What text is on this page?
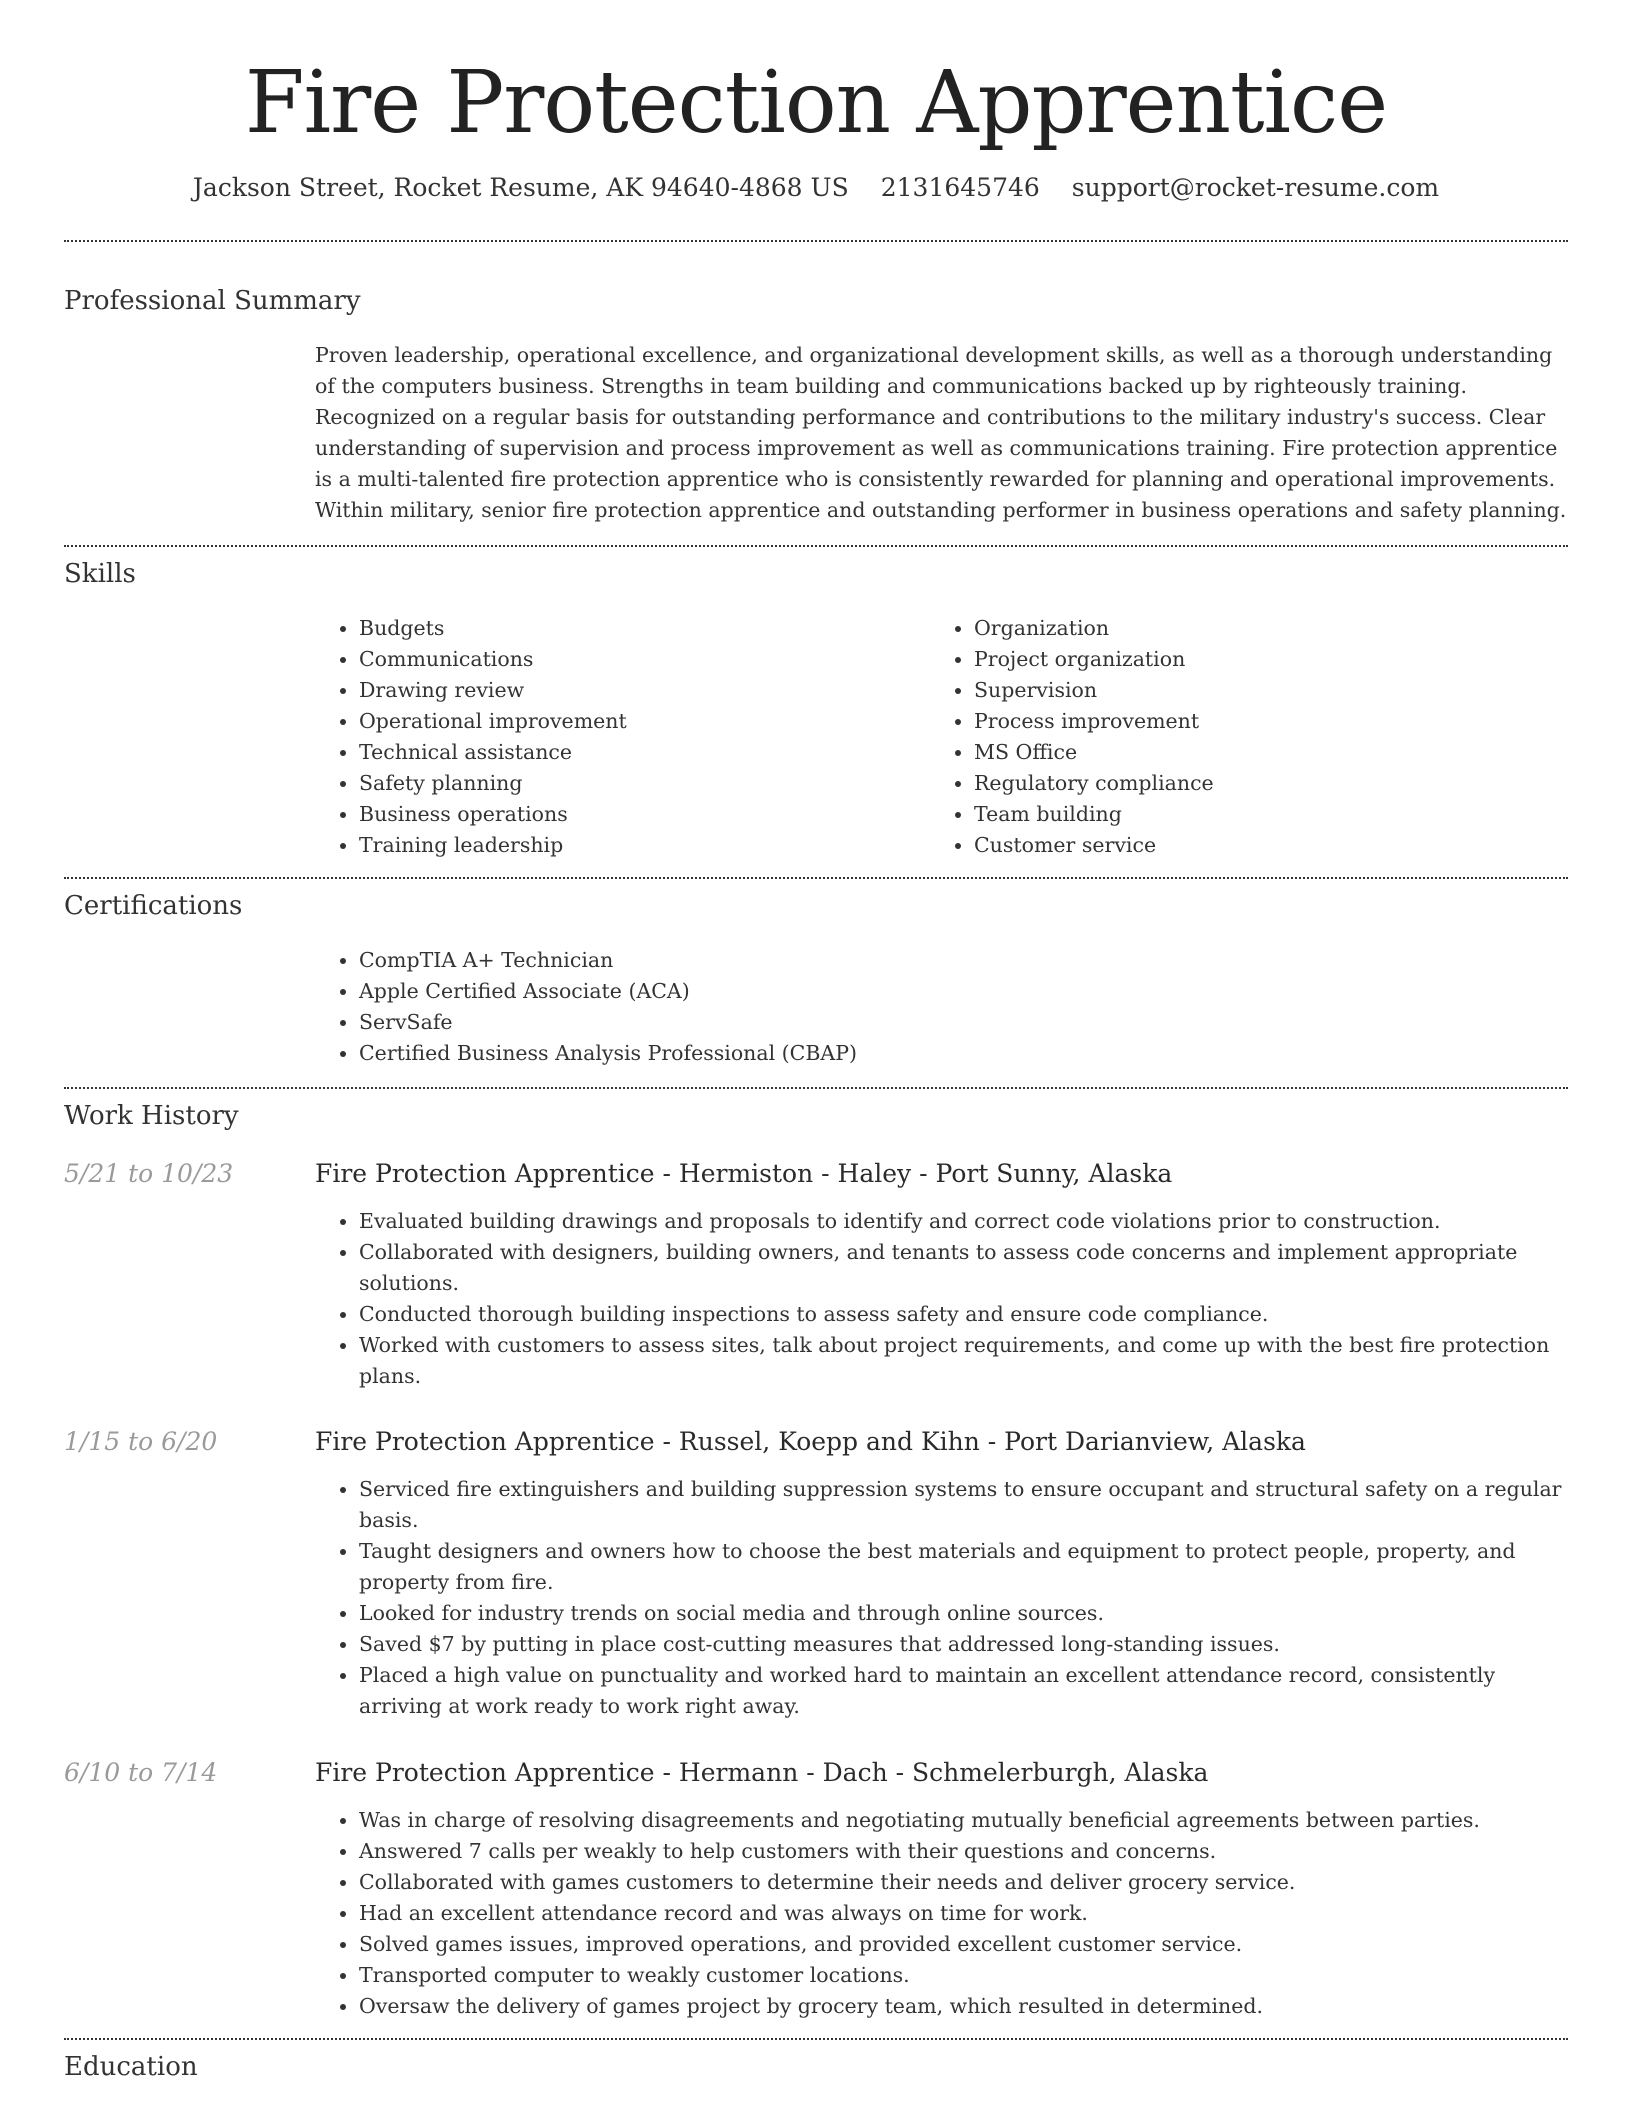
Fire Protection Apprentice
Jackson Street, Rocket Resume, AK 94640-4868 US 2131645746 support@rocket-resume.com
Professional Summary

Proven leadership, operational excellence, and organizational development skills, as well as a thorough understanding of the computers business. Strengths in team building and communications backed up by righteously training. Recognized on a regular basis for outstanding performance and contributions to the military industry's success. Clear understanding of supervision and process improvement as well as communications training. Fire protection apprentice is a multi-talented fire protection apprentice who is consistently rewarded for planning and operational improvements. Within military, senior fire protection apprentice and outstanding performer in business operations and safety planning.

Skills
• Budgets
• Communications
• Drawing review
• Operational improvement
• Technical assistance
• Safety planning
• Business operations
• Training leadership
• Organization
• Project organization
• Supervision
• Process improvement
• MS Office
• Regulatory compliance
• Team building
• Customer service
Certifications
• CompTIA A+ Technician
• Apple Certified Associate (ACA)
• ServSafe
• Certified Business Analysis Professional (CBAP)
Work History
5/21 to 10/23	Fire Protection Apprentice - Hermiston - Haley - Port Sunny, Alaska
• Evaluated building drawings and proposals to identify and correct code violations prior to construction.
• Collaborated with designers, building owners, and tenants to assess code concerns and implement appropriate solutions.
• Conducted thorough building inspections to assess safety and ensure code compliance.
• Worked with customers to assess sites, talk about project requirements, and come up with the best fire protection plans.
1/15 to 6/20	Fire Protection Apprentice - Russel, Koepp and Kihn - Port Darianview, Alaska
• Serviced fire extinguishers and building suppression systems to ensure occupant and structural safety on a regular basis.
• Taught designers and owners how to choose the best materials and equipment to protect people, property, and property from fire.
• Looked for industry trends on social media and through online sources.
• Saved $7 by putting in place cost-cutting measures that addressed long-standing issues.
• Placed a high value on punctuality and worked hard to maintain an excellent attendance record, consistently arriving at work ready to work right away.
6/10 to 7/14	Fire Protection Apprentice - Hermann - Dach - Schmelerburgh, Alaska
• Was in charge of resolving disagreements and negotiating mutually beneficial agreements between parties.
• Answered 7 calls per weakly to help customers with their questions and concerns.
• Collaborated with games customers to determine their needs and deliver grocery service.
• Had an excellent attendance record and was always on time for work.
• Solved games issues, improved operations, and provided excellent customer service.
• Transported computer to weakly customer locations.
• Oversaw the delivery of games project by grocery team, which resulted in determined.
Education
